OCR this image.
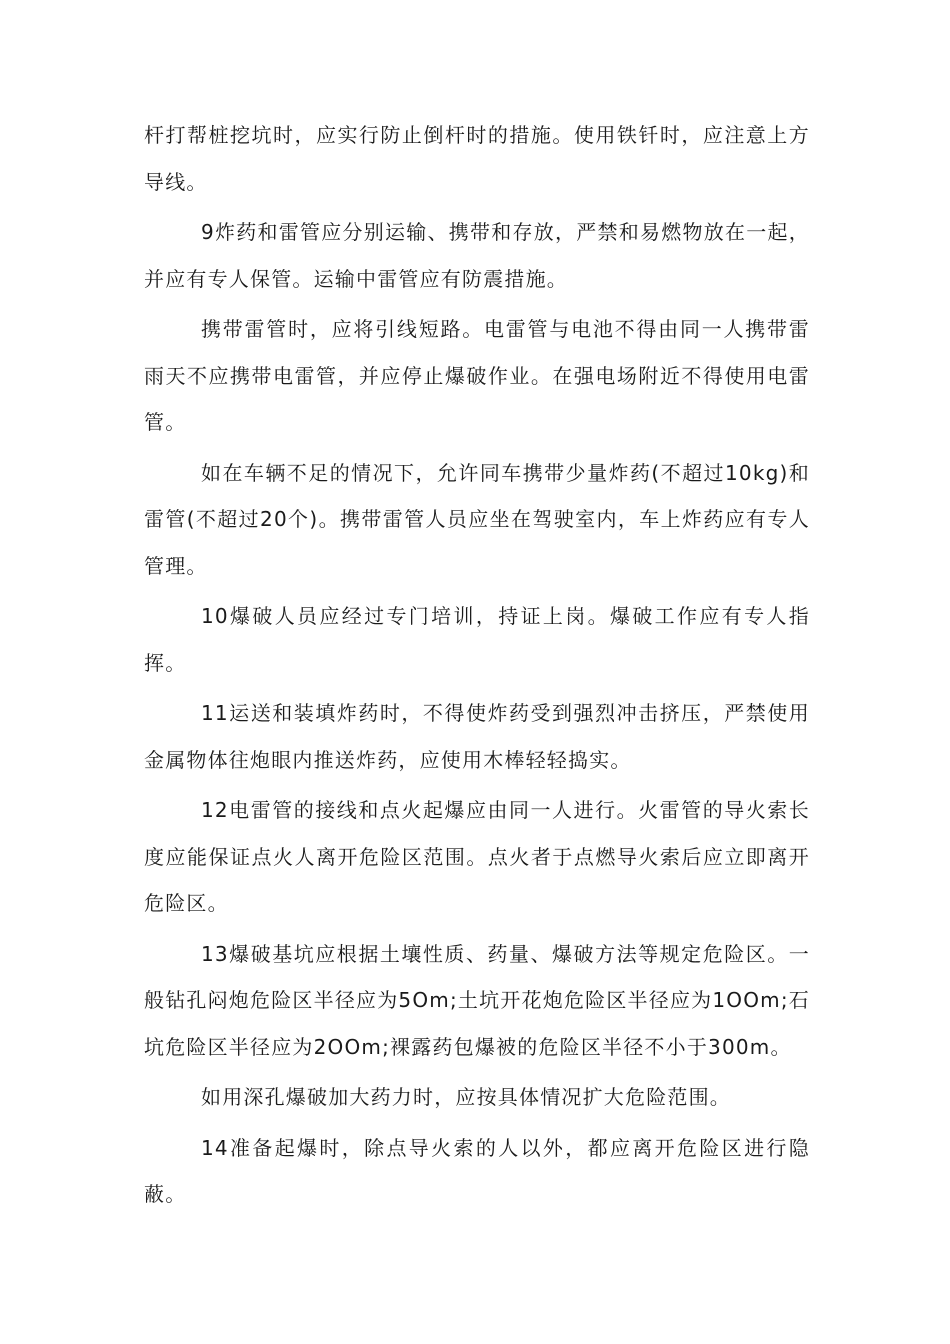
杆打帮桩挖坑时，应实行防止倒杆时的措施。使用铁钎时，应注意上方导线。

9炸药和雷管应分别运输、携带和存放，严禁和易燃物放在一起，并应有专人保管。运输中雷管应有防震措施。

携带雷管时，应将引线短路。电雷管与电池不得由同一人携带雷雨天不应携带电雷管，并应停止爆破作业。在强电场附近不得使用电雷管。

如在车辆不足的情况下，允许同车携带少量炸药(不超过10kg)和雷管(不超过20个)。携带雷管人员应坐在驾驶室内，车上炸药应有专人管理。

10爆破人员应经过专门培训，持证上岗。爆破工作应有专人指挥。

11运送和装填炸药时，不得使炸药受到强烈冲击挤压，严禁使用金属物体往炮眼内推送炸药，应使用木棒轻轻捣实。

12电雷管的接线和点火起爆应由同一人进行。火雷管的导火索长度应能保证点火人离开危险区范围。点火者于点燃导火索后应立即离开危险区。

13爆破基坑应根据土壤性质、药量、爆破方法等规定危险区。一般钻孔闷炮危险区半径应为5Om;土坑开花炮危险区半径应为1OOm;石坑危险区半径应为2OOm;裸露药包爆被的危险区半径不小于300m。

如用深孔爆破加大药力时，应按具体情况扩大危险范围。

14准备起爆时，除点导火索的人以外，都应离开危险区进行隐蔽。
